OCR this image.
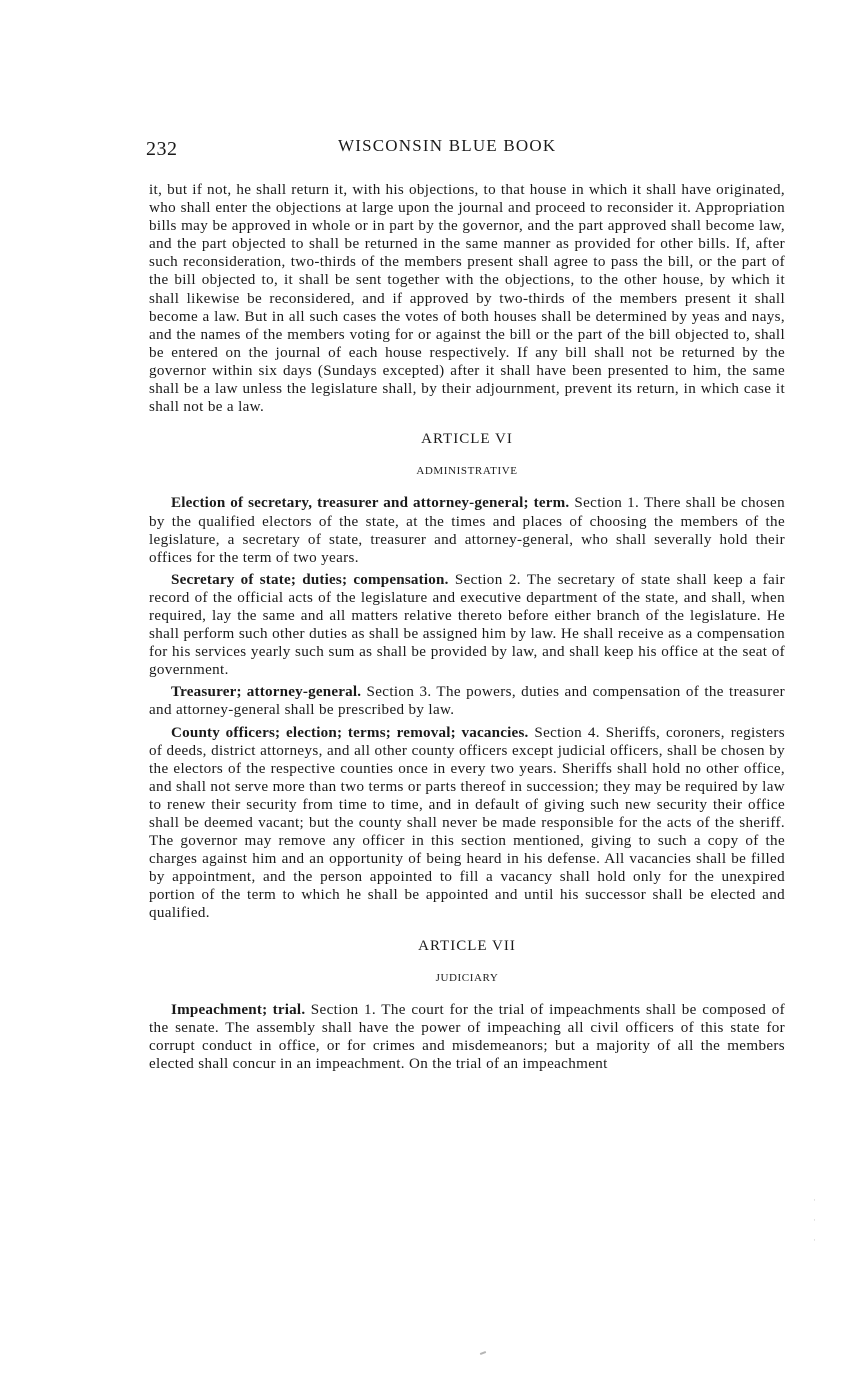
232	WISCONSIN BLUE BOOK

it, but if not, he shall return it, with his objections, to that house in which it shall have originated, who shall enter the objections at large upon the journal and proceed to reconsider it. Appropriation bills may be approved in whole or in part by the governor, and the part approved shall become law, and the part objected to shall be returned in the same manner as provided for other bills. If, after such reconsideration, two-thirds of the members present shall agree to pass the bill, or the part of the bill objected to, it shall be sent together with the objections, to the other house, by which it shall likewise be reconsidered, and if approved by two-thirds of the members present it shall become a law. But in all such cases the votes of both houses shall be determined by yeas and nays, and the names of the members voting for or against the bill or the part of the bill objected to, shall be entered on the journal of each house respectively. If any bill shall not be returned by the governor within six days (Sundays excepted) after it shall have been presented to him, the same shall be a law unless the legislature shall, by their adjournment, prevent its return, in which case it shall not be a law.

ARTICLE VI
ADMINISTRATIVE

Election of secretary, treasurer and attorney-general; term. Section 1. There shall be chosen by the qualified electors of the state, at the times and places of choosing the members of the legislature, a secretary of state, treasurer and attorney-general, who shall severally hold their offices for the term of two years.

Secretary of state; duties; compensation. Section 2. The secretary of state shall keep a fair record of the official acts of the legislature and executive department of the state, and shall, when required, lay the same and all matters relative thereto before either branch of the legislature. He shall perform such other duties as shall be assigned him by law. He shall receive as a compensation for his services yearly such sum as shall be provided by law, and shall keep his office at the seat of government.

Treasurer; attorney-general. Section 3. The powers, duties and compensation of the treasurer and attorney-general shall be prescribed by law.

County officers; election; terms; removal; vacancies. Section 4. Sheriffs, coroners, registers of deeds, district attorneys, and all other county officers except judicial officers, shall be chosen by the electors of the respective counties once in every two years. Sheriffs shall hold no other office, and shall not serve more than two terms or parts thereof in succession; they may be required by law to renew their security from time to time, and in default of giving such new security their office shall be deemed vacant; but the county shall never be made responsible for the acts of the sheriff. The governor may remove any officer in this section mentioned, giving to such a copy of the charges against him and an opportunity of being heard in his defense. All vacancies shall be filled by appointment, and the person appointed to fill a vacancy shall hold only for the unexpired portion of the term to which he shall be appointed and until his successor shall be elected and qualified.

ARTICLE VII
JUDICIARY

Impeachment; trial. Section 1. The court for the trial of impeachments shall be composed of the senate. The assembly shall have the power of impeaching all civil officers of this state for corrupt conduct in office, or for crimes and misdemeanors; but a majority of all the members elected shall concur in an impeachment. On the trial of an impeachment

·
·
·
